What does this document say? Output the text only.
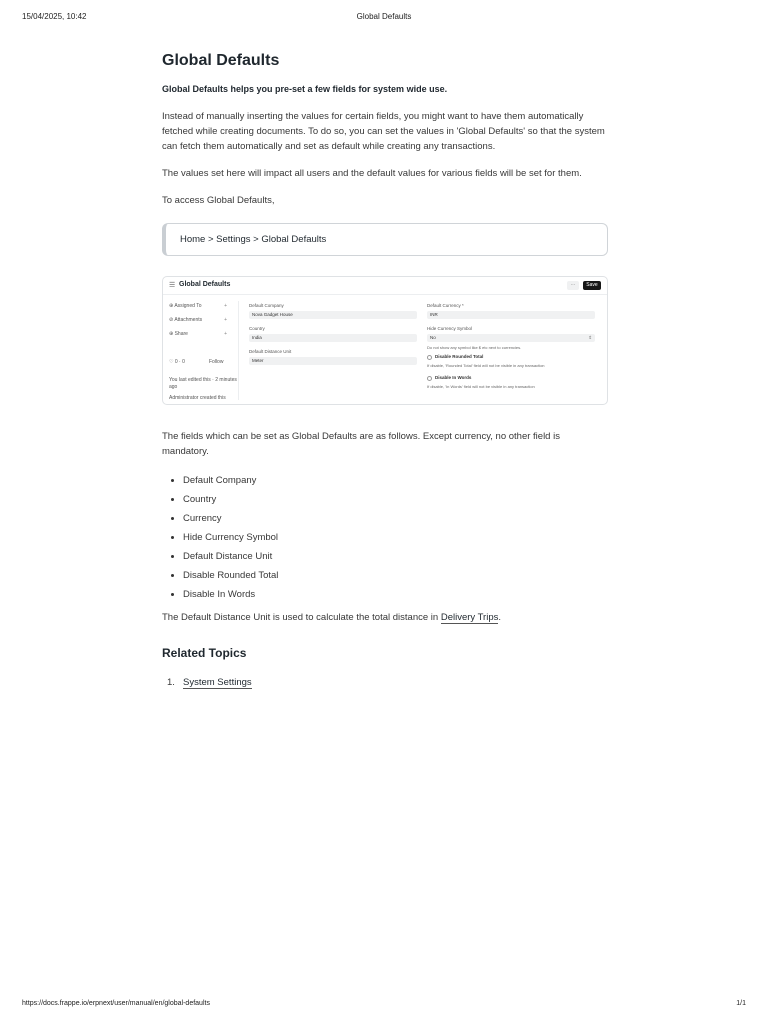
15/04/2025, 10:42	Global Defaults
Global Defaults
Global Defaults helps you pre-set a few fields for system wide use.

Instead of manually inserting the values for certain fields, you might want to have them automatically fetched while creating documents. To do so, you can set the values in 'Global Defaults' so that the system can fetch them automatically and set as default while creating any transactions.

The values set here will impact all users and the default values for various fields will be set for them.

To access Global Defaults,

Home > Settings > Global Defaults
☰ Global Defaults	...	Save
⊕ Assigned To	+
⊘ Attachments	+
⊕ Share	+
♡ 0 · 0	Follow
You last edited this · 2 minutes ago
Administrator created this
Default Company
Nova Gadget House
Country
India
Default Distance Unit
Meter
Default Currency *
INR
Hide Currency Symbol
No	⇕
Do not show any symbol like $ etc next to currencies.
Disable Rounded Total
If disable, 'Rounded Total' field will not be visible in any transaction
Disable In Words
If disable, 'In Words' field will not be visible in any transaction

The fields which can be set as Global Defaults are as follows. Except currency, no other field is mandatory.

Default Company
Country
Currency
Hide Currency Symbol
Default Distance Unit
Disable Rounded Total
Disable In Words

The Default Distance Unit is used to calculate the total distance in Delivery Trips.

Related Topics
1. System Settings
https://docs.frappe.io/erpnext/user/manual/en/global-defaults	1/1
